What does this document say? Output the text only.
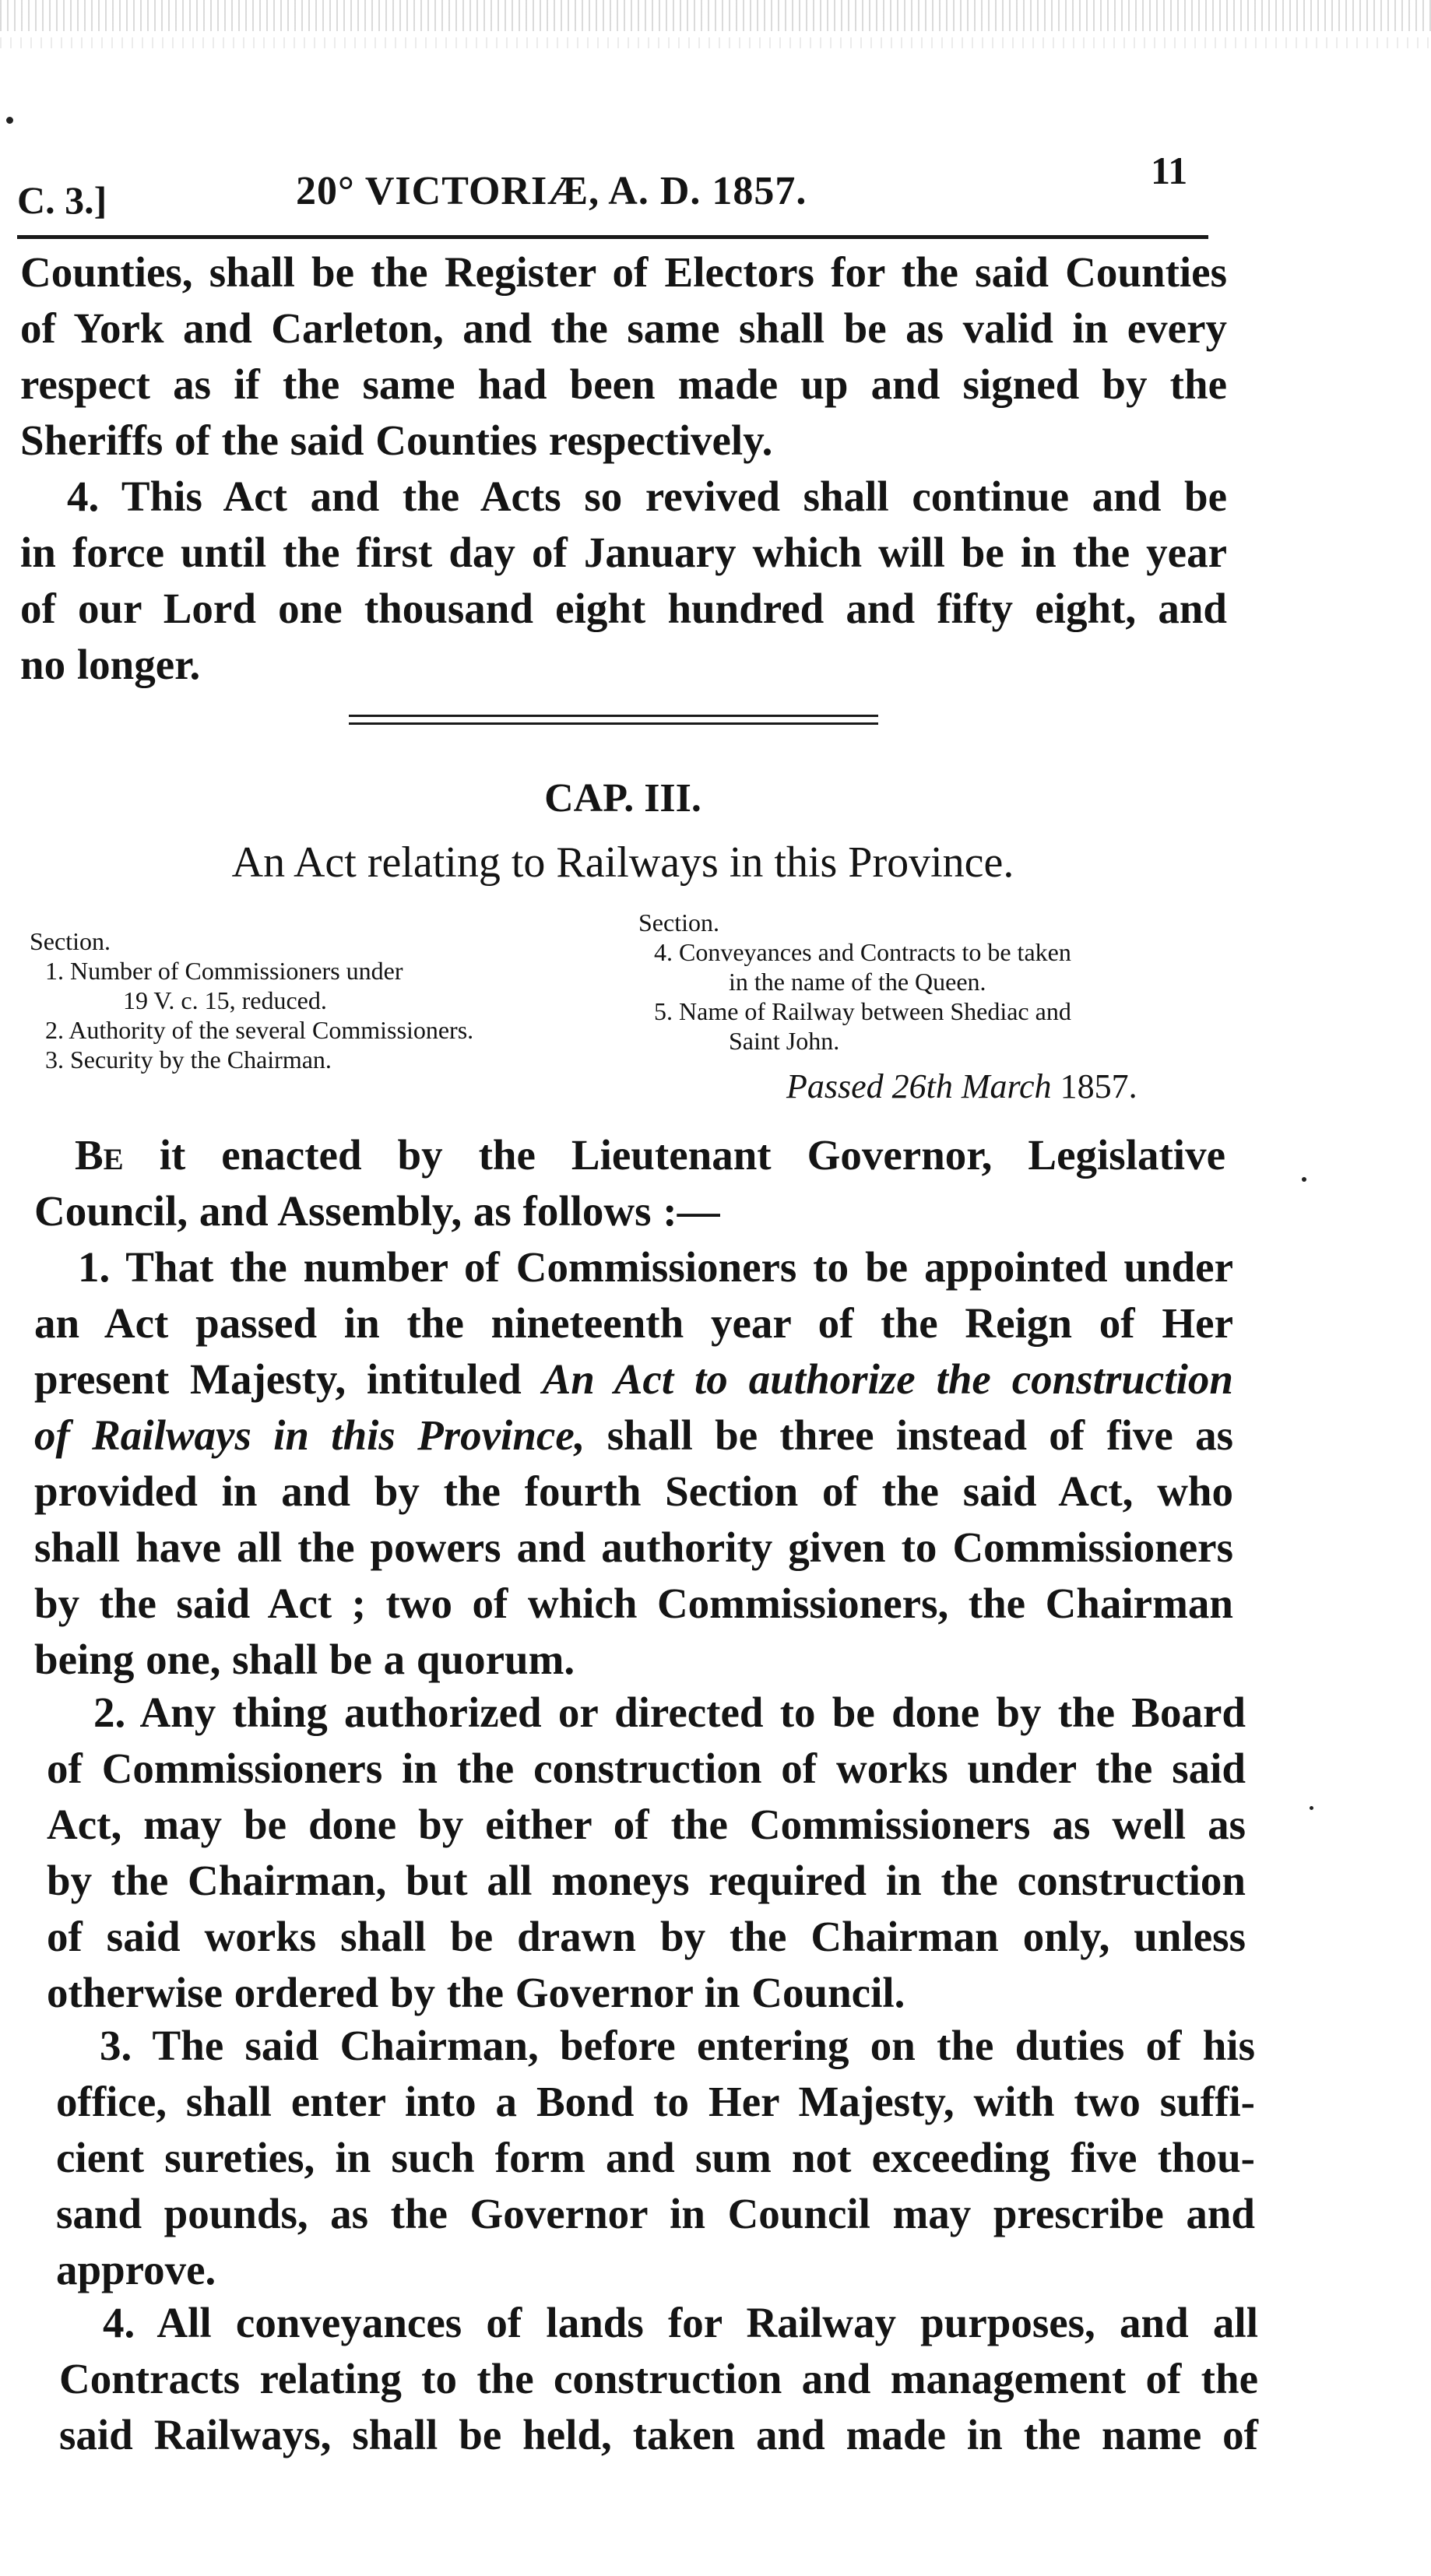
C. 3.]	20° VICTORIÆ, A. D. 1857.	11
Counties, shall be the Register of Electors for the said Counties
of York and Carleton, and the same shall be as valid in every
respect as if the same had been made up and signed by the
Sheriffs of the said Counties respectively.
4. This Act and the Acts so revived shall continue and be
in force until the first day of January which will be in the year
of our Lord one thousand eight hundred and fifty eight, and
no longer.
CAP. III.
An Act relating to Railways in this Province.
Section.
1. Number of Commissioners under
19 V. c. 15, reduced.
2. Authority of the several Commissioners.
3. Security by the Chairman.
Section.
4. Conveyances and Contracts to be taken
in the name of the Queen.
5. Name of Railway between Shediac and
Saint John.
Passed 26th March 1857.
Be it enacted by the Lieutenant Governor, Legislative
Council, and Assembly, as follows :—
1. That the number of Commissioners to be appointed under
an Act passed in the nineteenth year of the Reign of Her
present Majesty, intituled An Act to authorize the construction
of Railways in this Province, shall be three instead of five as
provided in and by the fourth Section of the said Act, who
shall have all the powers and authority given to Commissioners
by the said Act ; two of which Commissioners, the Chairman
being one, shall be a quorum.
2. Any thing authorized or directed to be done by the Board
of Commissioners in the construction of works under the said
Act, may be done by either of the Commissioners as well as
by the Chairman, but all moneys required in the construction
of said works shall be drawn by the Chairman only, unless
otherwise ordered by the Governor in Council.
3. The said Chairman, before entering on the duties of his
office, shall enter into a Bond to Her Majesty, with two suffi-
cient sureties, in such form and sum not exceeding five thou-
sand pounds, as the Governor in Council may prescribe and
approve.
4. All conveyances of lands for Railway purposes, and all
Contracts relating to the construction and management of the
said Railways, shall be held, taken and made in the name of
